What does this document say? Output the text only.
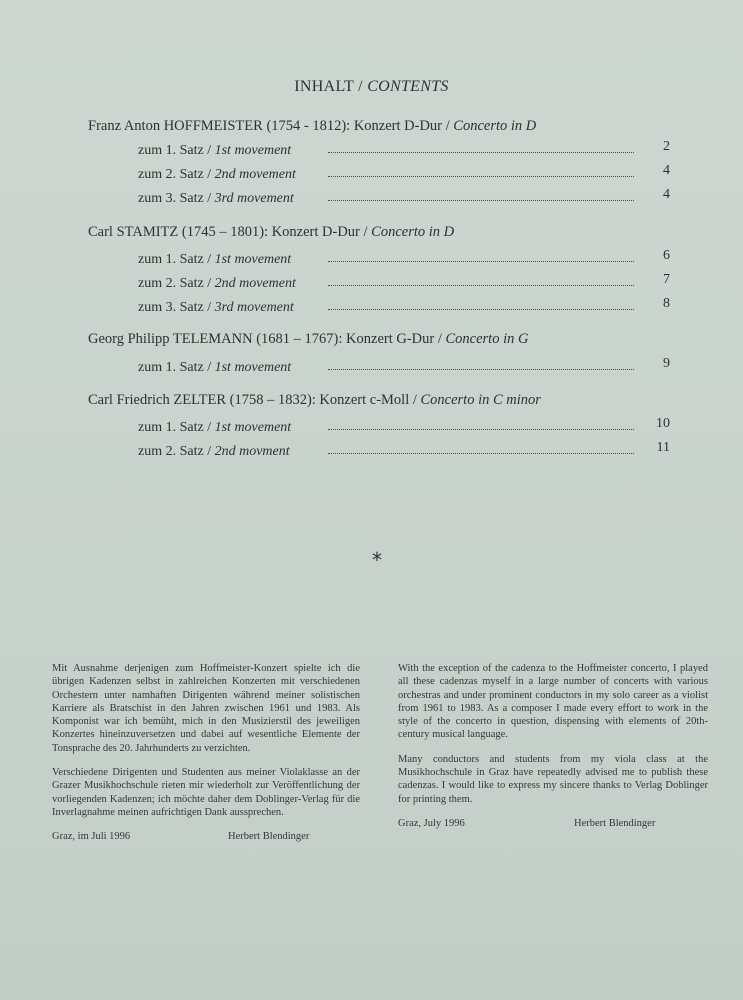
INHALT / CONTENTS
Franz Anton HOFFMEISTER (1754 - 1812): Konzert D-Dur / Concerto in D
zum 1. Satz / 1st movement	2
zum 2. Satz / 2nd movement	4
zum 3. Satz / 3rd movement	4
Carl STAMITZ (1745 – 1801): Konzert D-Dur / Concerto in D
zum 1. Satz / 1st movement	6
zum 2. Satz / 2nd movement	7
zum 3. Satz / 3rd movement	8
Georg Philipp TELEMANN (1681 – 1767): Konzert G-Dur / Concerto in G
zum 1. Satz / 1st movement	9
Carl Friedrich ZELTER (1758 – 1832): Konzert c-Moll / Concerto in C minor
zum 1. Satz / 1st movement	10
zum 2. Satz / 2nd movment	11
*

Mit Ausnahme derjenigen zum Hoffmeister-Konzert spielte ich die übrigen Kadenzen selbst in zahlreichen Konzerten mit verschiedenen Orchestern unter namhaften Dirigenten während meiner solistischen Karriere als Bratschist in den Jahren zwischen 1961 und 1983. Als Komponist war ich bemüht, mich in den Musizierstil des jeweiligen Konzertes hineinzuversetzen und dabei auf wesentliche Elemente der Tonsprache des 20. Jahrhunderts zu verzichten.

Verschiedene Dirigenten und Studenten aus meiner Violaklasse an der Grazer Musikhochschule rieten mir wiederholt zur Veröffentlichung der vorliegenden Kadenzen; ich möchte daher dem Doblinger-Verlag für die Inverlagnahme meinen aufrichtigen Dank aussprechen.

Graz, im Juli 1996	Herbert Blendinger

With the exception of the cadenza to the Hoffmeister concerto, I played all these cadenzas myself in a large number of concerts with various orchestras and under prominent conductors in my solo career as a violist from 1961 to 1983. As a composer I made every effort to work in the style of the concerto in question, dispensing with elements of 20th-century musical language.

Many conductors and students from my viola class at the Musikhochschule in Graz have repeatedly advised me to publish these cadenzas. I would like to express my sincere thanks to Verlag Doblinger for printing them.

Graz, July 1996	Herbert Blendinger
